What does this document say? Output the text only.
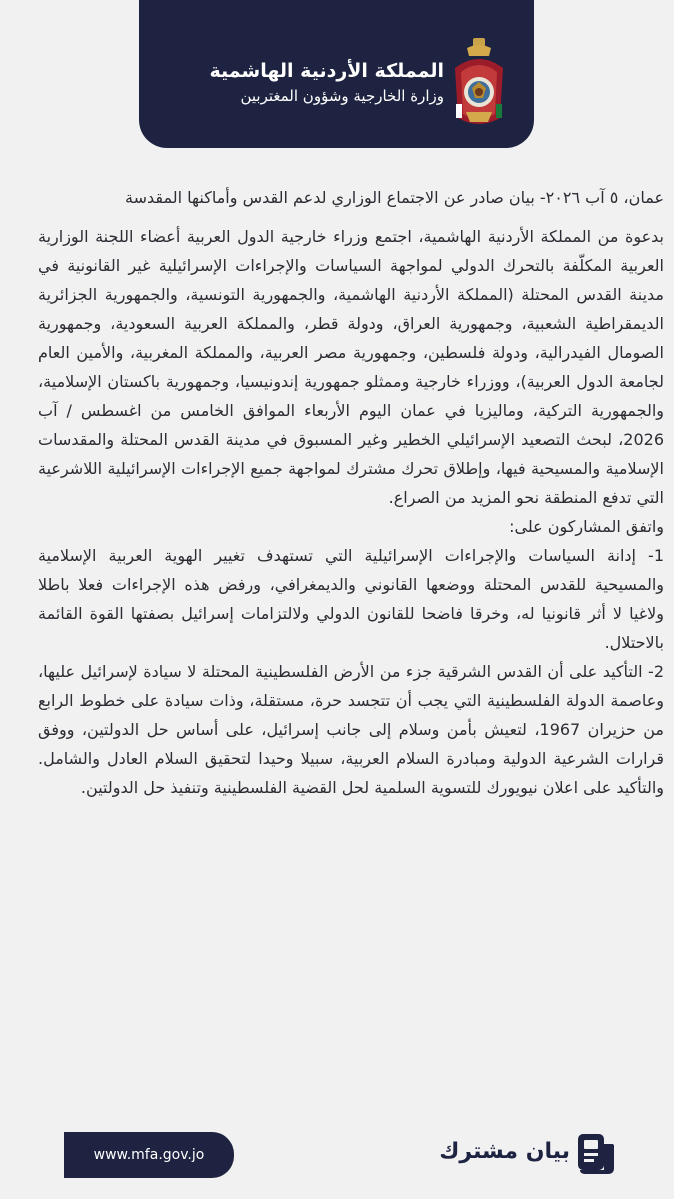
المملكة الأردنية الهاشمية
وزارة الخارجية وشؤون المغتربين

عمان، ٥ آب ٢٠٢٦- بيان صادر عن الاجتماع الوزاري لدعم القدس وأماكنها المقدسة

بدعوة من المملكة الأردنية الهاشمية، اجتمع وزراء خارجية الدول العربية أعضاء اللجنة الوزارية العربية المكلّفة بالتحرك الدولي لمواجهة السياسات والإجراءات الإسرائيلية غير القانونية في مدينة القدس المحتلة (المملكة الأردنية الهاشمية، والجمهورية التونسية، والجمهورية الجزائرية الديمقراطية الشعبية، وجمهورية العراق، ودولة قطر، والمملكة العربية السعودية، وجمهورية الصومال الفيدرالية، ودولة فلسطين، وجمهورية مصر العربية، والمملكة المغربية، والأمين العام لجامعة الدول العربية)، ووزراء خارجية وممثلو جمهورية إندونيسيا، وجمهورية باكستان الإسلامية، والجمهورية التركية، وماليزيا في عمان اليوم الأربعاء الموافق الخامس من اغسطس / آب 2026، لبحث التصعيد الإسرائيلي الخطير وغير المسبوق في مدينة القدس المحتلة والمقدسات الإسلامية والمسيحية فيها، وإطلاق تحرك مشترك لمواجهة جميع الإجراءات الإسرائيلية اللاشرعية التي تدفع المنطقة نحو المزيد من الصراع.

واتفق المشاركون على:

1- إدانة السياسات والإجراءات الإسرائيلية التي تستهدف تغيير الهوية العربية الإسلامية والمسيحية للقدس المحتلة ووضعها القانوني والديمغرافي، ورفض هذه الإجراءات فعلا باطلا ولاغيا لا أثر قانونيا له، وخرقا فاضحا للقانون الدولي ولالتزامات إسرائيل بصفتها القوة القائمة بالاحتلال.

2- التأكيد على أن القدس الشرقية جزء من الأرض الفلسطينية المحتلة لا سيادة لإسرائيل عليها، وعاصمة الدولة الفلسطينية التي يجب أن تتجسد حرة، مستقلة، وذات سيادة على خطوط الرابع من حزيران 1967، لتعيش بأمن وسلام إلى جانب إسرائيل، على أساس حل الدولتين، ووفق قرارات الشرعية الدولية ومبادرة السلام العربية، سبيلا وحيدا لتحقيق السلام العادل والشامل. والتأكيد على اعلان نيويورك للتسوية السلمية لحل القضية الفلسطينية وتنفيذ حل الدولتين.

www.mfa.gov.jo	بيان مشترك
